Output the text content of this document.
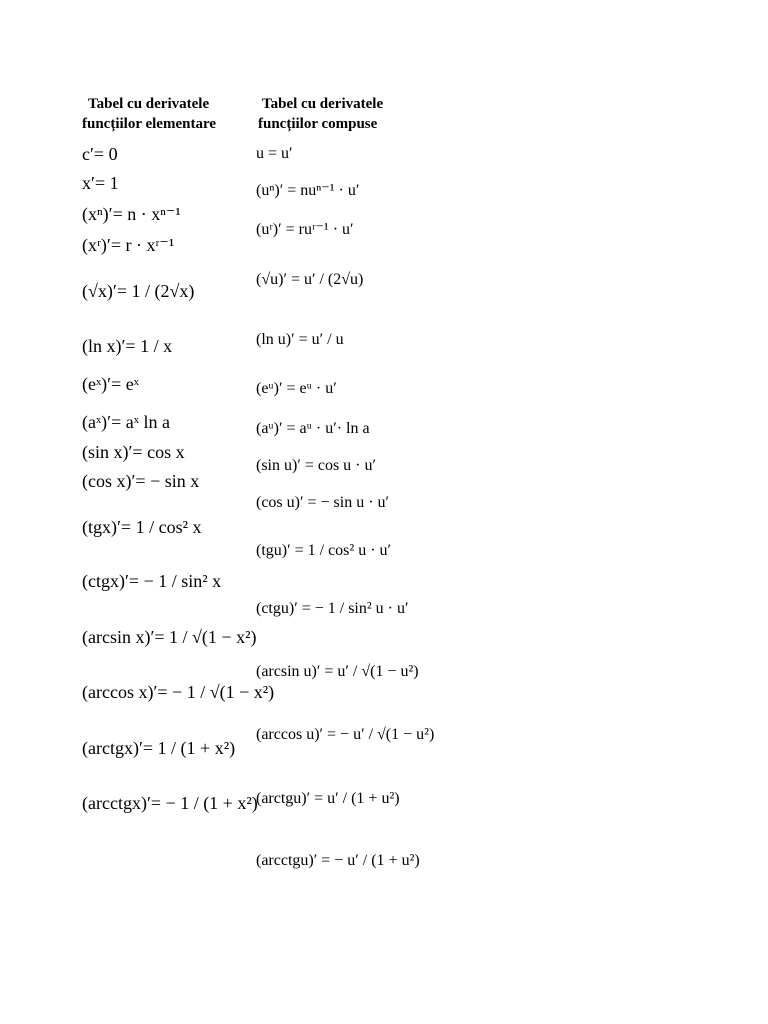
Tabel cu derivatele
funcțiilor elementare
c′= 0
x′= 1
(xⁿ)′= n · xⁿ⁻¹
(xʳ)′= r · xʳ⁻¹
(√x)′= 1 / (2√x)
(ln x)′= 1 / x
(eˣ)′= eˣ
(aˣ)′= aˣ ln a
(sin x)′= cos x
(cos x)′= − sin x
(tgx)′= 1 / cos² x
(ctgx)′= − 1 / sin² x
(arcsin x)′= 1 / √(1 − x²)
(arccos x)′= − 1 / √(1 − x²)
(arctgx)′= 1 / (1 + x²)
(arcctgx)′= − 1 / (1 + x²)
Tabel cu derivatele
funcțiilor compuse
u = u′
(uⁿ)′ = nuⁿ⁻¹ · u′
(uʳ)′ = ruʳ⁻¹ · u′
(√u)′ = u′ / (2√u)
(ln u)′ = u′ / u
(eᵘ)′ = eᵘ · u′
(aᵘ)′ = aᵘ · u′· ln a
(sin u)′ = cos u · u′
(cos u)′ = − sin u · u′
(tgu)′ = 1 / cos² u · u′
(ctgu)′ = − 1 / sin² u · u′
(arcsin u)′ = u′ / √(1 − u²)
(arccos u)′ = − u′ / √(1 − u²)
(arctgu)′ = u′ / (1 + u²)
(arcctgu)′ = − u′ / (1 + u²)
